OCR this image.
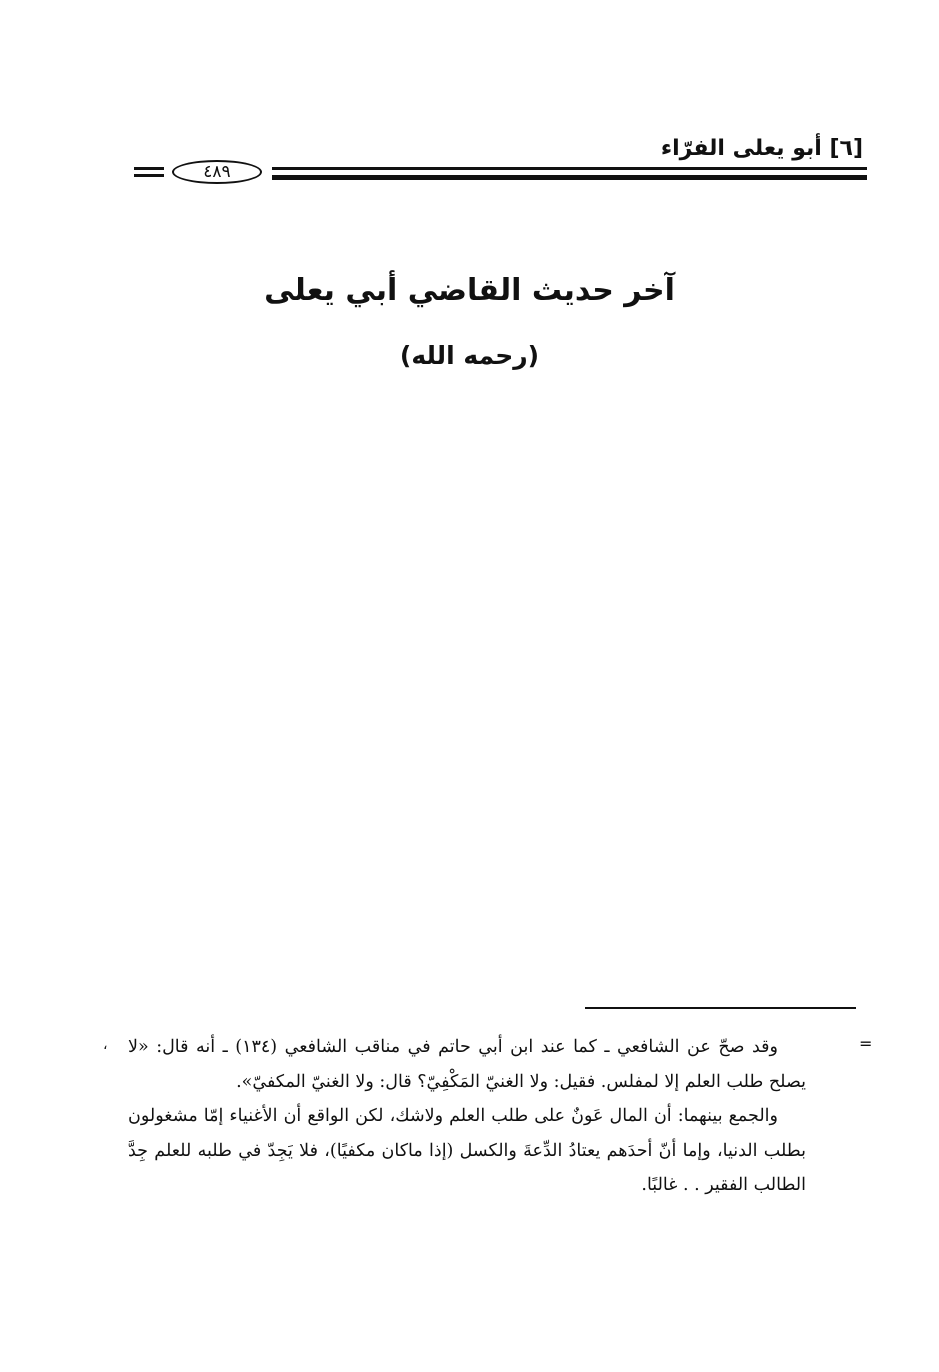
[٦] أبو يعلى الفرّاء
٤٨٩
آخر حديث القاضي أبي يعلى
(رحمه الله)
=
، وقد صحّ عن الشافعي ـ كما عند ابن أبي حاتم في مناقب الشافعي (١٣٤) ـ أنه قال: «لا يصلح طلب العلم إلا لمفلس. فقيل: ولا الغنيّ المَكْفِيّ؟ قال: ولا الغنيّ المكفيّ».

والجمع بينهما: أن المال عَونٌ على طلب العلم ولاشك، لكن الواقع أن الأغنياء إمّا مشغولون بطلب الدنيا، وإما أنّ أحدَهم يعتادُ الدِّعةَ والكسل (إذا ماكان مكفيًا)، فلا يَجِدّ في طلبه للعلم جِدَّ الطالب الفقير . . غالبًا.
